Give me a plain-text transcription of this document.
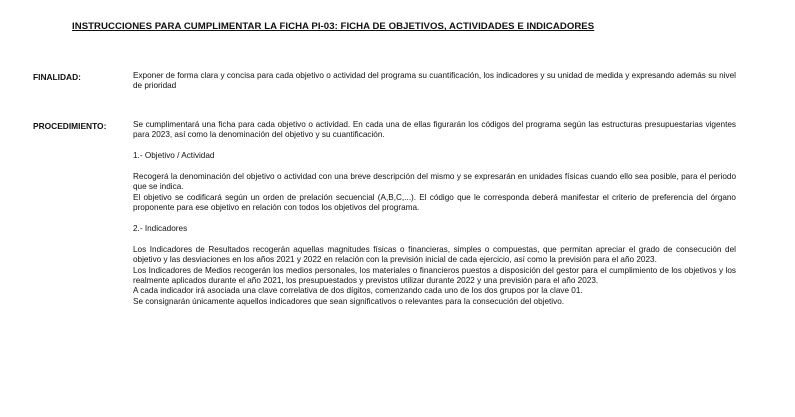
INSTRUCCIONES PARA CUMPLIMENTAR LA FICHA PI-03: FICHA DE OBJETIVOS, ACTIVIDADES E INDICADORES
FINALIDAD:	Exponer de forma clara y concisa para cada objetivo o actividad del programa su cuantificación, los indicadores y su unidad de medida y expresando además su nivel de prioridad

PROCEDIMIENTO:	Se cumplimentará una ficha para cada objetivo o actividad. En cada una de ellas figurarán los códigos del programa según las estructuras presupuestarias vigentes para 2023, así como la denominación del objetivo y su cuantificación.

1.- Objetivo / Actividad

Recogerá la denominación del objetivo o actividad con una breve descripción del mismo y se expresarán en unidades físicas cuando ello sea posible, para el periodo que se indica.

El objetivo se codificará según un orden de prelación secuencial (A,B,C,...). El código que le corresponda deberá manifestar el criterio de preferencia del órgano proponente para ese objetivo en relación con todos los objetivos del programa.

2.- Indicadores

Los Indicadores de Resultados recogerán aquellas magnitudes físicas o financieras, simples o compuestas, que permitan apreciar el grado de consecución del objetivo y las desviaciones en los años 2021 y 2022 en relación con la previsión inicial de cada ejercicio, así como la previsión para el año 2023.

Los Indicadores de Medios recogerán los medios personales, los materiales o financieros puestos a disposición del gestor para el cumplimiento de los objetivos y los realmente aplicados durante el año 2021, los presupuestados y previstos utilizar durante 2022 y una previsión para el año 2023.

A cada indicador irá asociada una clave correlativa de dos dígitos, comenzando cada uno de los dos grupos por la clave 01.

Se consignarán únicamente aquellos indicadores que sean significativos o relevantes para la consecución del objetivo.
